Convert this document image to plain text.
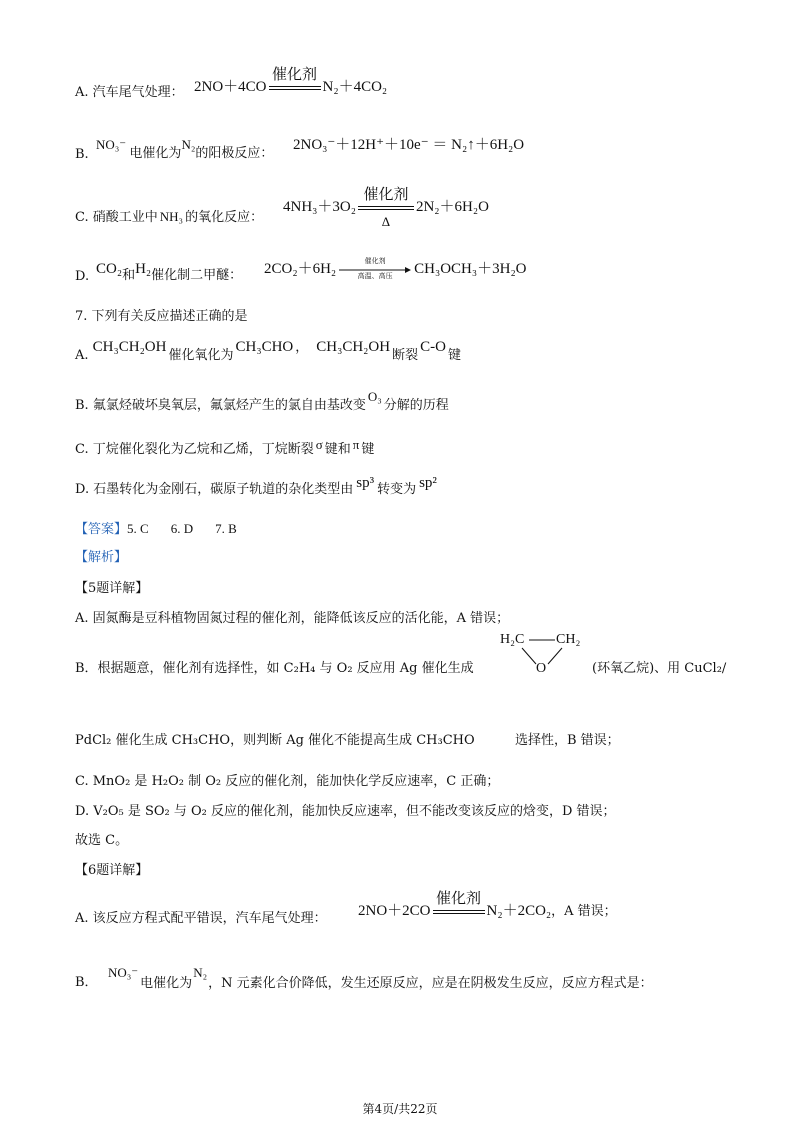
A. 汽车尾气处理： 2NO＋4CO
催化剂
N₂＋4CO₂
B.
NO₃⁻ 电催化为N₂的阳极反应：
2NO₃⁻＋12H⁺＋10e⁻ ＝ N₂↑＋6H₂O
C. 硝酸工业中 NH₃ 的氧化反应：
4NH₃＋3O₂
催化剂
Δ
2N₂＋6H₂O
D. CO₂和H₂催化制二甲醚： 2CO₂＋6H₂
催化剂
高温、高压	CH₃OCH₃＋3H₂O
7. 下列有关反应描述正确的是
A. CH₃CH₂OH催化氧化为CH₃CHO ， CH₃CH₂OH断裂C-O键
B. 氟氯烃破坏臭氧层，氟氯烃产生的氯自由基改变O₃分解的历程
C. 丁烷催化裂化为乙烷和乙烯，丁烷断裂 σ 键和 π 键
D. 石墨转化为金刚石，碳原子轨道的杂化类型由 sp³ 转变为 sp²
【答案】5. C 6. D 7. B
【解析】
【5题详解】
A. 固氮酶是豆科植物固氮过程的催化剂，能降低该反应的活化能，A 错误；
B．根据题意，催化剂有选择性，如 C₂H₄ 与 O₂ 反应用 Ag 催化生成
H₂C CH₂
O	(环氧乙烷)、用 CuCl₂/
PdCl₂ 催化生成 CH₃CHO，则判断 Ag 催化不能提高生成 CH₃CHO	选择性，B 错误；
C. MnO₂ 是 H₂O₂ 制 O₂ 反应的催化剂，能加快化学反应速率，C 正确；
D. V₂O₅ 是 SO₂ 与 O₂ 反应的催化剂，能加快反应速率，但不能改变该反应的焓变，D 错误；
故选 C。
【6题详解】
A. 该反应方程式配平错误，汽车尾气处理： 2NO＋2CO
催化剂
N₂＋2CO₂，A 错误；
B．
NO₃⁻电催化为N₂，N 元素化合价降低，发生还原反应，应是在阴极发生反应，反应方程式是：
第4页/共22页
